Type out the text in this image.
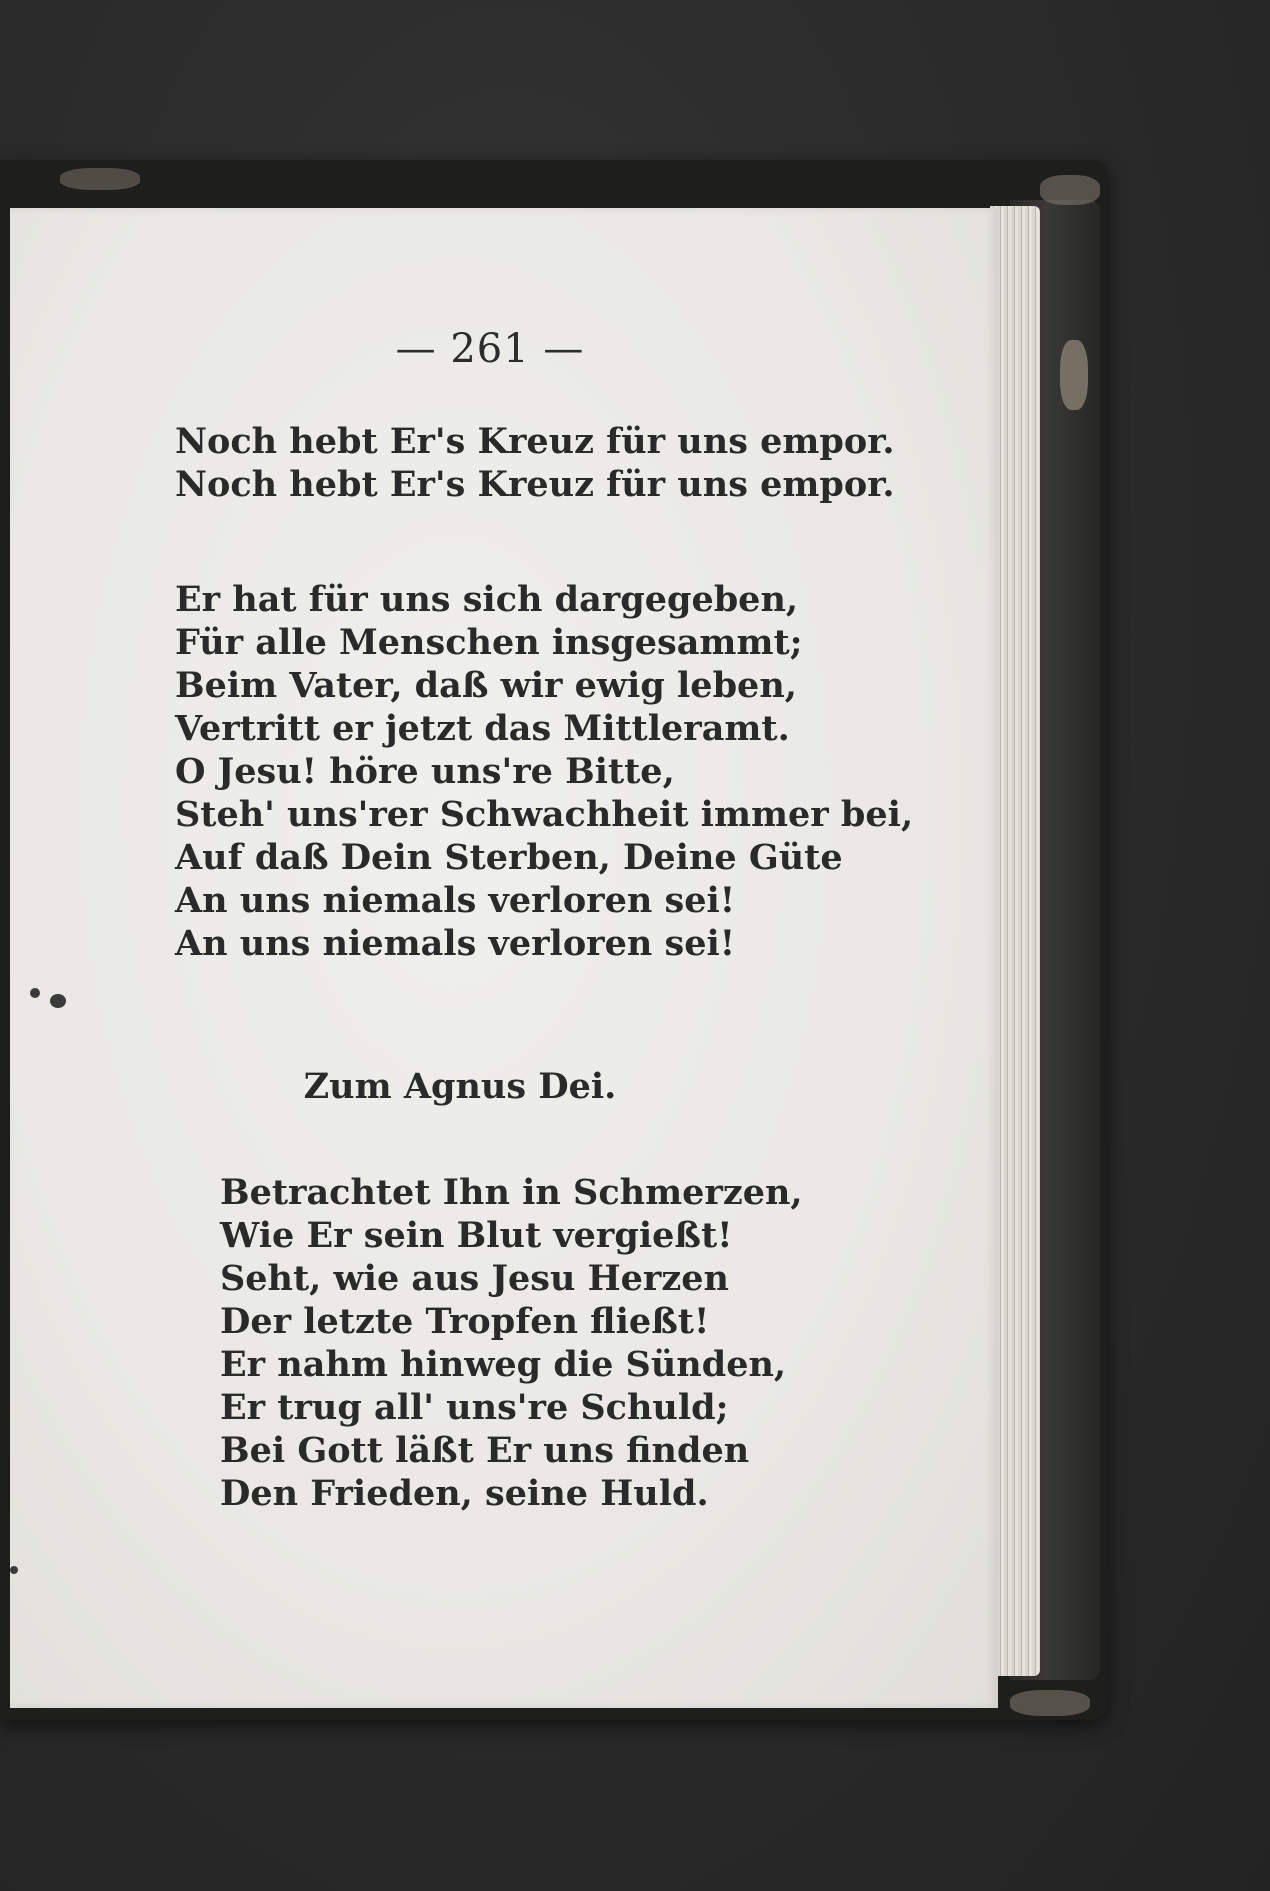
— 261 —
Noch hebt Er's Kreuz für uns empor.
Noch hebt Er's Kreuz für uns empor.
Er hat für uns sich dargegeben,
Für alle Menschen insgesammt;
Beim Vater, daß wir ewig leben,
Vertritt er jetzt das Mittleramt.
O Jesu! höre uns're Bitte,
Steh' uns'rer Schwachheit immer bei,
Auf daß Dein Sterben, Deine Güte
An uns niemals verloren sei!
An uns niemals verloren sei!
Zum Agnus Dei.
Betrachtet Ihn in Schmerzen,
Wie Er sein Blut vergießt!
Seht, wie aus Jesu Herzen
Der letzte Tropfen fließt!
Er nahm hinweg die Sünden,
Er trug all' uns're Schuld;
Bei Gott läßt Er uns finden
Den Frieden, seine Huld.
